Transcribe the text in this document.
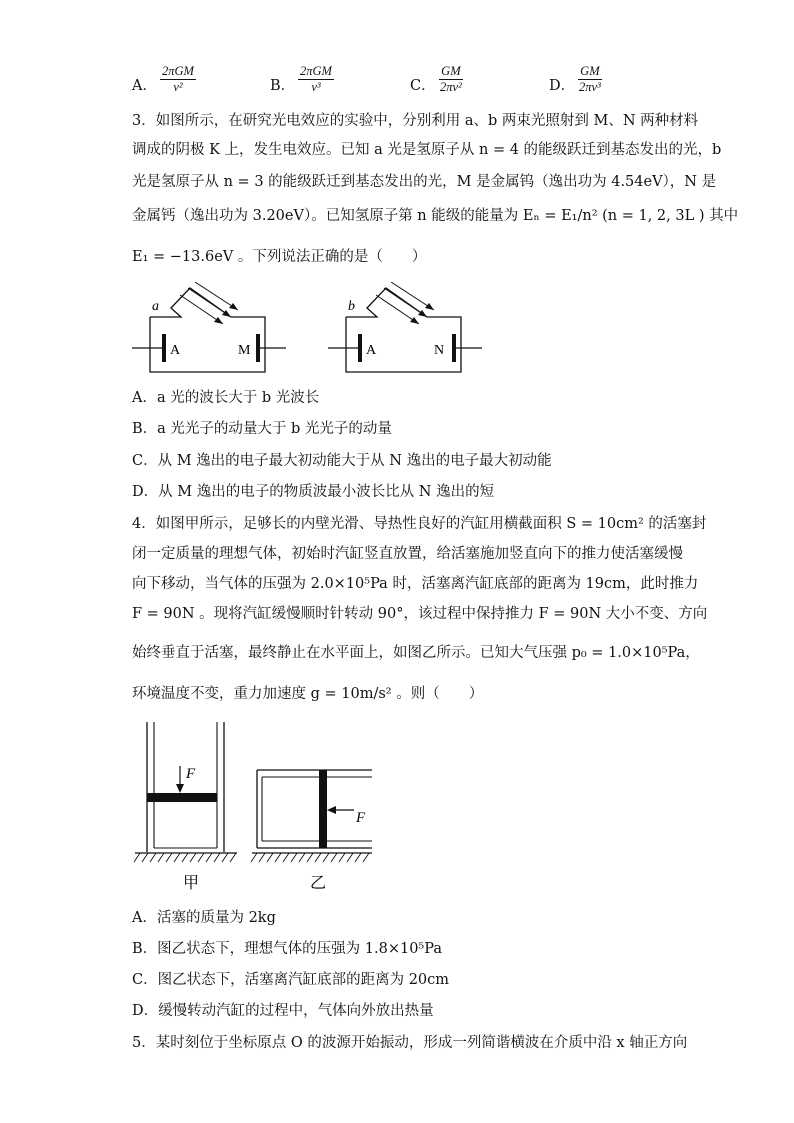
A．
2πGM
v²	B．
2πGM
v³	C． $\frac{GM}{\text{2πv²}}$	D． $\frac{GM}{\text{2πv³}}$
3．如图所示，在研究光电效应的实验中，分别利用 a、b 两束光照射到 M、N 两种材料
调成的阴极 K 上，发生电效应。已知 a 光是氢原子从 n = 4 的能级跃迁到基态发出的光，b
光是氢原子从 n = 3 的能级跃迁到基态发出的光，M 是金属钨（逸出功为 4.54eV），N 是
金属钙（逸出功为 3.20eV）。已知氢原子第 n 能级的能量为 Eₙ = E₁/n² (n = 1, 2, 3L ) 其中
E₁ = −13.6eV 。下列说法正确的是（　　）
a
A	M
b
A	N
A．a 光的波长大于 b 光波长
B．a 光光子的动量大于 b 光光子的动量
C．从 M 逸出的电子最大初动能大于从 N 逸出的电子最大初动能
D．从 M 逸出的电子的物质波最小波长比从 N 逸出的短
4．如图甲所示，足够长的内壁光滑、导热性良好的汽缸用横截面积 S = 10cm² 的活塞封
闭一定质量的理想气体，初始时汽缸竖直放置，给活塞施加竖直向下的推力使活塞缓慢
向下移动，当气体的压强为 2.0×10⁵Pa 时，活塞离汽缸底部的距离为 19cm，此时推力
F = 90N 。现将汽缸缓慢顺时针转动 90°，该过程中保持推力 F = 90N 大小不变、方向
始终垂直于活塞，最终静止在水平面上，如图乙所示。已知大气压强 p₀ = 1.0×10⁵Pa，
环境温度不变，重力加速度 g = 10m/s² 。则（　　）
F
甲
F
乙
A．活塞的质量为 2kg
B．图乙状态下，理想气体的压强为 1.8×10⁵Pa
C．图乙状态下，活塞离汽缸底部的距离为 20cm
D．缓慢转动汽缸的过程中，气体向外放出热量
5．某时刻位于坐标原点 O 的波源开始振动，形成一列简谐横波在介质中沿 x 轴正方向
